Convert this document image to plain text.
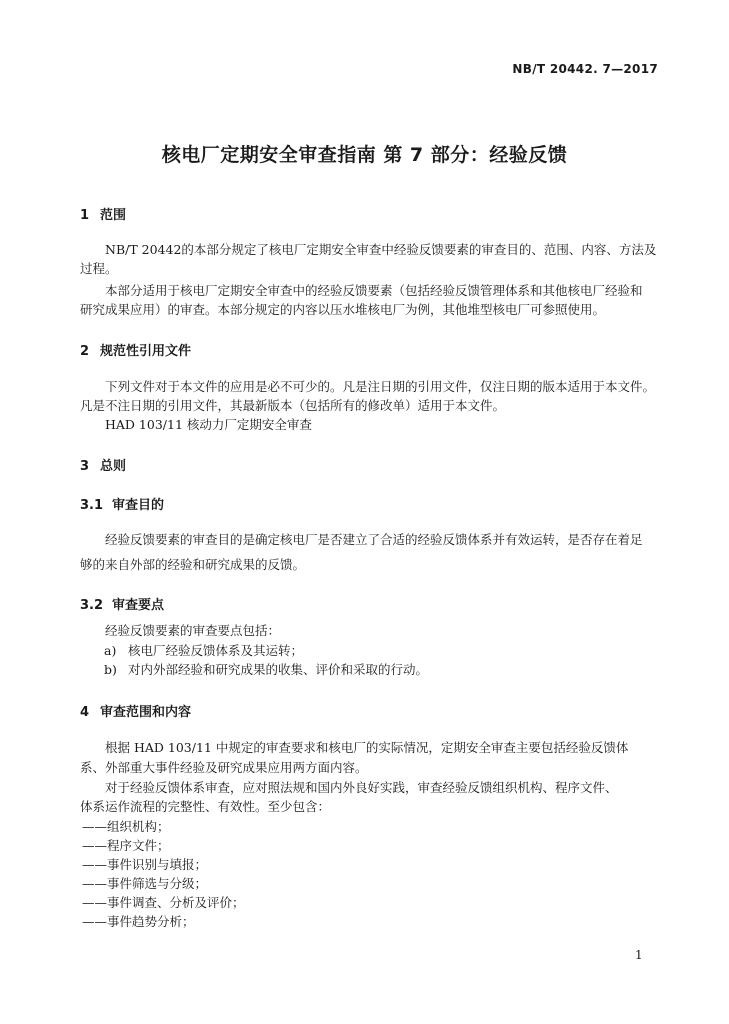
NB/T 20442. 7—2017
核电厂定期安全审查指南 第 7 部分：经验反馈
1 范围
NB/T 20442的本部分规定了核电厂定期安全审查中经验反馈要素的审查目的、范围、内容、方法及
过程。
本部分适用于核电厂定期安全审查中的经验反馈要素（包括经验反馈管理体系和其他核电厂经验和
研究成果应用）的审查。本部分规定的内容以压水堆核电厂为例，其他堆型核电厂可参照使用。
2 规范性引用文件
下列文件对于本文件的应用是必不可少的。凡是注日期的引用文件，仅注日期的版本适用于本文件。
凡是不注日期的引用文件，其最新版本（包括所有的修改单）适用于本文件。
HAD 103/11 核动力厂定期安全审查
3 总则
3.1 审查目的
经验反馈要素的审查目的是确定核电厂是否建立了合适的经验反馈体系并有效运转，是否存在着足
够的来自外部的经验和研究成果的反馈。
3.2 审查要点
经验反馈要素的审查要点包括：
a) 核电厂经验反馈体系及其运转；
b) 对内外部经验和研究成果的收集、评价和采取的行动。
4 审查范围和内容
根据 HAD 103/11 中规定的审查要求和核电厂的实际情况，定期安全审查主要包括经验反馈体
系、外部重大事件经验及研究成果应用两方面内容。
对于经验反馈体系审查，应对照法规和国内外良好实践，审查经验反馈组织机构、程序文件、
体系运作流程的完整性、有效性。至少包含：
——组织机构；
——程序文件；
——事件识别与填报；
——事件筛选与分级；
——事件调查、分析及评价；
——事件趋势分析；
1
